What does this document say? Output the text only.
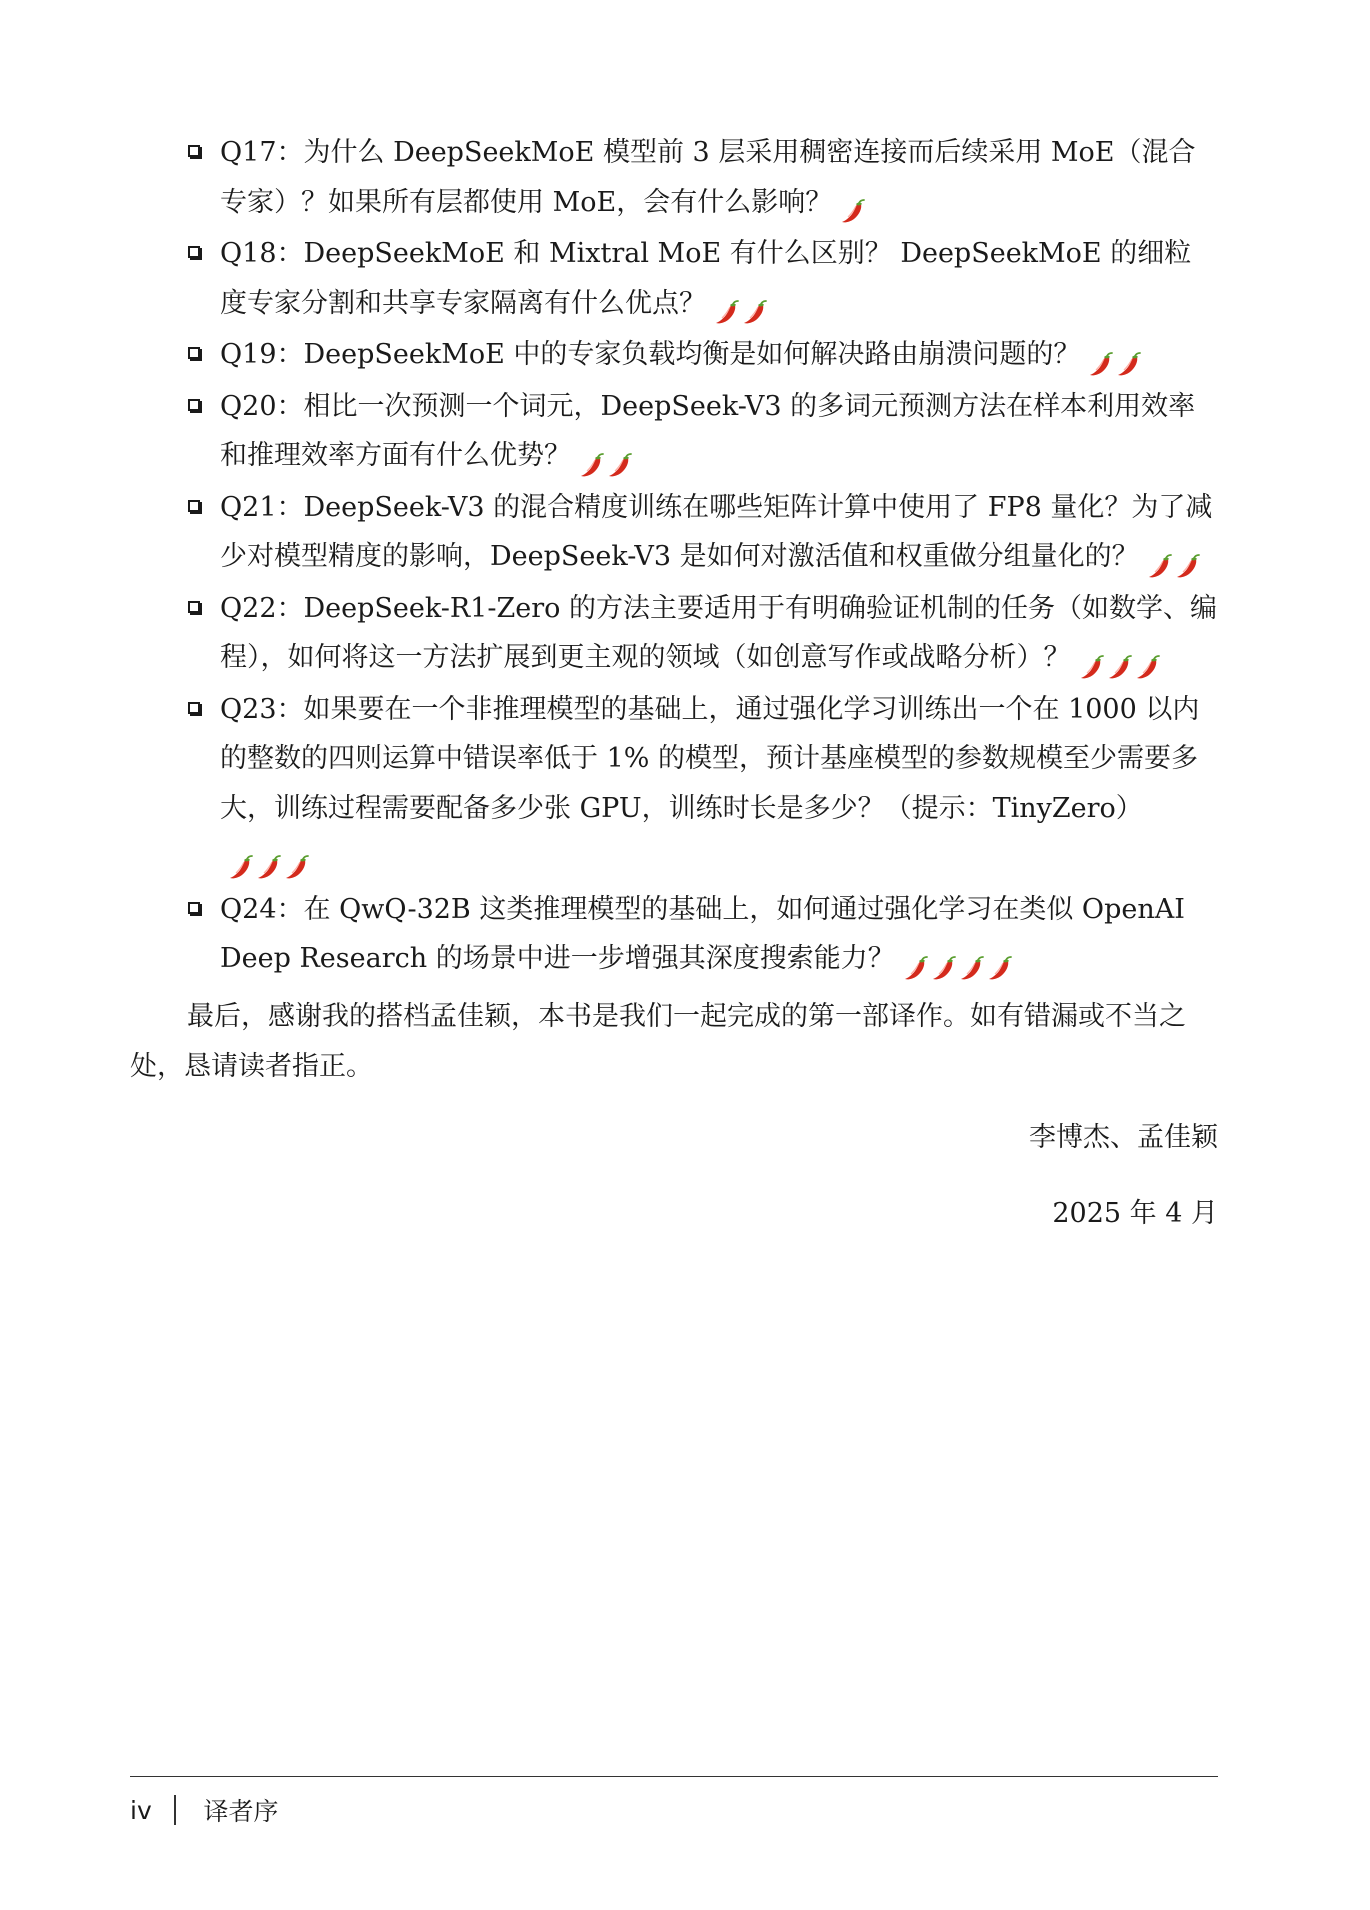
Q17：为什么 DeepSeekMoE 模型前 3 层采用稠密连接而后续采用 MoE（混合专家）？如果所有层都使用 MoE，会有什么影响？
Q18：DeepSeekMoE 和 Mixtral MoE 有什么区别？ DeepSeekMoE 的细粒度专家分割和共享专家隔离有什么优点？
Q19：DeepSeekMoE 中的专家负载均衡是如何解决路由崩溃问题的？
Q20：相比一次预测一个词元，DeepSeek-V3 的多词元预测方法在样本利用效率和推理效率方面有什么优势？
Q21：DeepSeek-V3 的混合精度训练在哪些矩阵计算中使用了 FP8 量化？为了减少对模型精度的影响，DeepSeek-V3 是如何对激活值和权重做分组量化的？
Q22：DeepSeek-R1-Zero 的方法主要适用于有明确验证机制的任务（如数学、编程），如何将这一方法扩展到更主观的领域（如创意写作或战略分析）？
Q23：如果要在一个非推理模型的基础上，通过强化学习训练出一个在 1000 以内的整数的四则运算中错误率低于 1% 的模型，预计基座模型的参数规模至少需要多大，训练过程需要配备多少张 GPU，训练时长是多少？（提示：TinyZero）
Q24：在 QwQ-32B 这类推理模型的基础上，如何通过强化学习在类似 OpenAI Deep Research 的场景中进一步增强其深度搜索能力？

最后，感谢我的搭档孟佳颖，本书是我们一起完成的第一部译作。如有错漏或不当之处，恳请读者指正。

李博杰、孟佳颖

2025 年 4 月

iv	译者序
